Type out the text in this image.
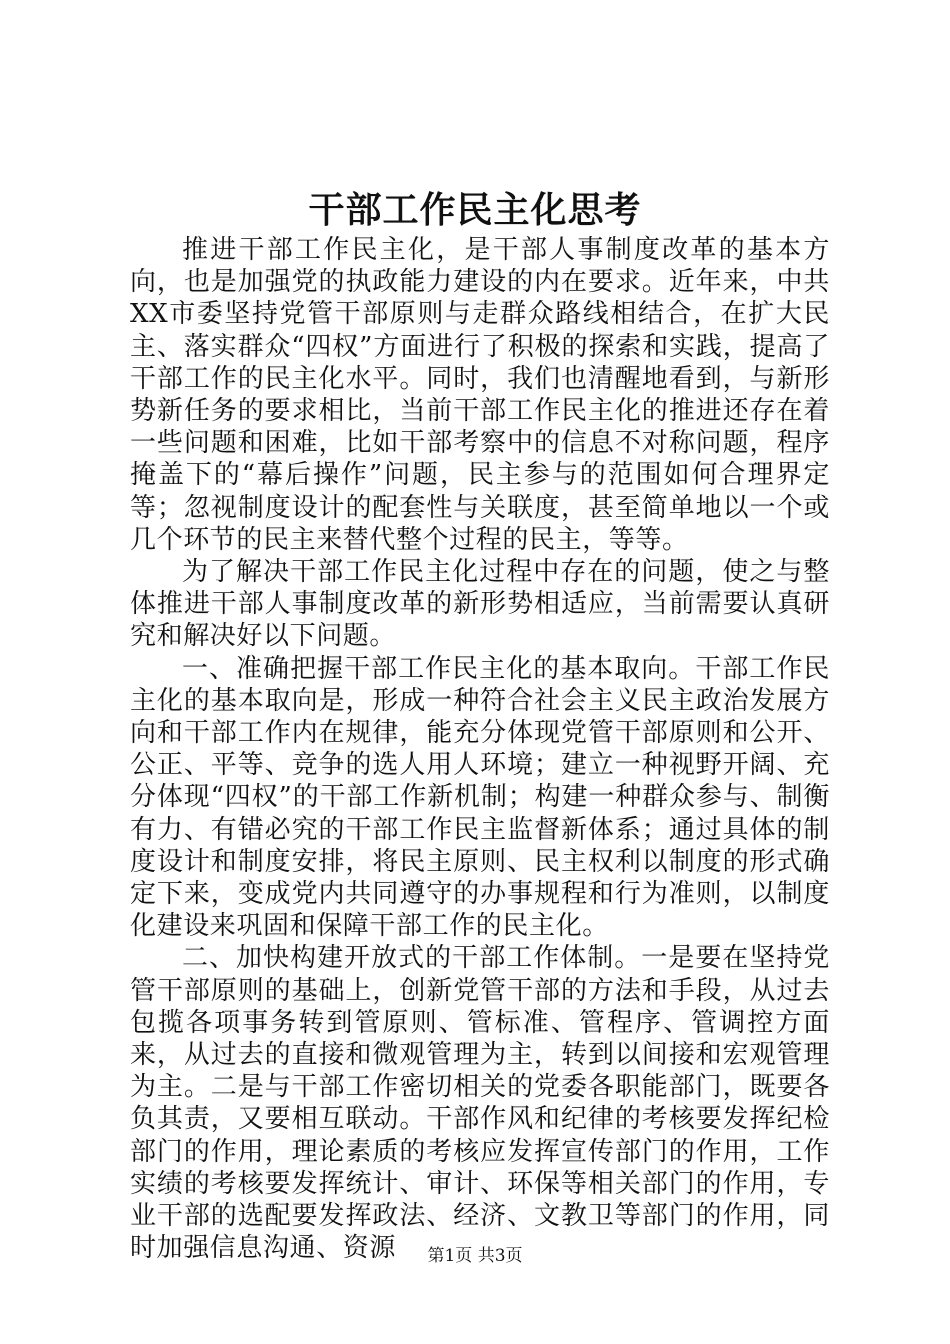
干部工作民主化思考

推进干部工作民主化，是干部人事制度改革的基本方向，也是加强党的执政能力建设的内在要求。近年来，中共XX市委坚持党管干部原则与走群众路线相结合，在扩大民主、落实群众“四权”方面进行了积极的探索和实践，提高了干部工作的民主化水平。同时，我们也清醒地看到，与新形势新任务的要求相比，当前干部工作民主化的推进还存在着一些问题和困难，比如干部考察中的信息不对称问题，程序掩盖下的“幕后操作”问题，民主参与的范围如何合理界定等；忽视制度设计的配套性与关联度，甚至简单地以一个或几个环节的民主来替代整个过程的民主，等等。

为了解决干部工作民主化过程中存在的问题，使之与整体推进干部人事制度改革的新形势相适应，当前需要认真研究和解决好以下问题。

一、准确把握干部工作民主化的基本取向。干部工作民主化的基本取向是，形成一种符合社会主义民主政治发展方向和干部工作内在规律，能充分体现党管干部原则和公开、公正、平等、竞争的选人用人环境；建立一种视野开阔、充分体现“四权”的干部工作新机制；构建一种群众参与、制衡有力、有错必究的干部工作民主监督新体系；通过具体的制度设计和制度安排，将民主原则、民主权利以制度的形式确定下来，变成党内共同遵守的办事规程和行为准则，以制度化建设来巩固和保障干部工作的民主化。

二、加快构建开放式的干部工作体制。一是要在坚持党管干部原则的基础上，创新党管干部的方法和手段，从过去包揽各项事务转到管原则、管标准、管程序、管调控方面来，从过去的直接和微观管理为主，转到以间接和宏观管理为主。二是与干部工作密切相关的党委各职能部门，既要各负其责，又要相互联动。干部作风和纪律的考核要发挥纪检部门的作用，理论素质的考核应发挥宣传部门的作用，工作实绩的考核要发挥统计、审计、环保等相关部门的作用，专业干部的选配要发挥政法、经济、文教卫等部门的作用，同时加强信息沟通、资源	第1页 共3页
